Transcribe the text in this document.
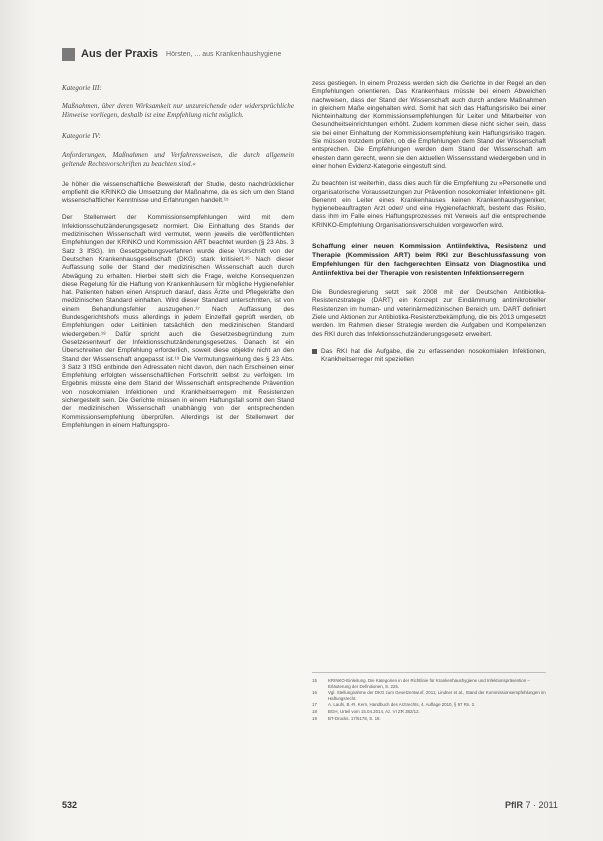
Aus der Praxis Hörsten, ... aus Krankenhaushygiene
Kategorie III:
Maßnahmen, über deren Wirksamkeit nur unzureichende oder widersprüchliche Hinweise vorliegen, deshalb ist eine Empfehlung nicht möglich.
Kategorie IV:
Anforderungen, Maßnahmen und Verfahrensweisen, die durch allgemein geltende Rechtsvorschriften zu beachten sind.«

Je höher die wissenschaftliche Beweiskraft der Studie, desto nachdrücklicher empfiehlt die KRINKO die Umsetzung der Maßnahme, da es sich um den Stand wissenschaftlicher Kenntnisse und Erfahrungen handelt.¹⁵

Der Stellenwert der Kommissionsempfehlungen wird mit dem Infektionsschutzänderungsgesetz normiert. Die Einhaltung des Stands der medizinischen Wissenschaft wird vermutet, wenn jeweils die veröffentlichten Empfehlungen der KRINKO und Kommission ART beachtet wurden (§ 23 Abs. 3 Satz 3 IfSG). Im Gesetzgebungsverfahren wurde diese Vorschrift von der Deutschen Krankenhausgesellschaft (DKG) stark kritisiert.¹⁶ Nach dieser Auffassung solle der Stand der medizinischen Wissenschaft auch durch Abwägung zu erhalten. Hierbei stellt sich die Frage, welche Konsequenzen diese Regelung für die Haftung von Krankenhäusern für mögliche Hygienefehler hat. Patienten haben einen Anspruch darauf, dass Ärzte und Pflegekräfte den medizinischen Standard einhalten. Wird dieser Standard unterschritten, ist von einem Behandlungsfehler auszugehen.¹⁷ Nach Auffassung des Bundesgerichtshofs muss allerdings in jedem Einzelfall geprüft werden, ob Empfehlungen oder Leitlinien tatsächlich den medizinischen Standard wiedergeben.¹⁸ Dafür spricht auch die Gesetzesbegründung zum Gesetzesentwurf der Infektionsschutzänderungsgesetzes. Danach ist ein Überschreiten der Empfehlung erforderlich, soweit diese objektiv nicht an den Stand der Wissenschaft angepasst ist.¹⁹ Die Vermutungswirkung des § 23 Abs. 3 Satz 3 IfSG entbinde den Adressaten nicht davon, den nach Erscheinen einer Empfehlung erfolgten wissenschaftlichen Fortschritt selbst zu verfolgen. Im Ergebnis müsste eine dem Stand der Wissenschaft entsprechende Prävention von nosokomialen Infektionen und Krankheitserregern mit Resistenzen sichergestellt sein. Die Gerichte müssen in einem Haftungsfall somit den Stand der medizinischen Wissenschaft unabhängig von der entsprechenden Kommissionsempfehlung überprüfen. Allerdings ist der Stellenwert der Empfehlungen in einem Haftungspro-

zess gestiegen. In einem Prozess werden sich die Gerichte in der Regel an den Empfehlungen orientieren. Das Krankenhaus müsste bei einem Abweichen nachweisen, dass der Stand der Wissenschaft auch durch andere Maßnahmen in gleichem Maße eingehalten wird. Somit hat sich das Haftungsrisiko bei einer Nichteinhaltung der Kommissionsempfehlungen für Leiter und Mitarbeiter von Gesundheitseinrichtungen erhöht. Zudem kommen diese nicht sicher sein, dass sie bei einer Einhaltung der Kommissionsempfehlung kein Haftungsrisiko tragen. Sie müssen trotzdem prüfen, ob die Empfehlungen dem Stand der Wissenschaft entsprechen. Die Empfehlungen werden dem Stand der Wissenschaft am ehesten dann gerecht, wenn sie den aktuellen Wissensstand wiedergeben und in einer hohen Evidenz-Kategorie eingestuft sind.

Zu beachten ist weiterhin, dass dies auch für die Empfehlung zu »Personelle und organisatorische Voraussetzungen zur Prävention nosokomialer Infektionen« gilt. Benennt ein Leiter eines Krankenhauses keinen Krankenhaushygieniker, hygienebeauftragten Arzt oder/ und eine Hygienefachkraft, besteht das Risiko, dass ihm im Falle eines Haftungsprozesses mit Verweis auf die entsprechende KRINKO-Empfehlung Organisationsverschulden vorgeworfen wird.

Schaffung einer neuen Kommission Antiinfektiva, Resistenz und Therapie (Kommission ART) beim RKI zur Beschlussfassung von Empfehlungen für den fachgerechten Einsatz von Diagnostika und Antiinfektiva bei der Therapie von resistenten Infektionserregern

Die Bundesregierung setzt seit 2008 mit der Deutschen Antibiotika-Resistenzstrategie (DART) ein Konzept zur Eindämmung antimikrobieller Resistenzen im human- und veterinärmedizinischen Bereich um. DART definiert Ziele und Aktionen zur Antibiotika-Resistenzbekämpfung, die bis 2013 umgesetzt werden. Im Rahmen dieser Strategie werden die Aufgaben und Kompetenzen des RKI durch das Infektionsschutzänderungsgesetz erweitert.

Das RKI hat die Aufgabe, die zu erfassenden nosokomialen Infektionen, Krankheitserreger mit speziellen
15	KRINKO-Einleitung. Die Kategorien in der Richtlinie für Krankenhaushygiene und Infektionsprävention – Erläuterung der Definitionen, S. 225.
16	Vgl. Stellungnahme der DKG zum Gesetzentwurf, 2011; Lindner et al., Stand der Kommissionsempfehlungen im Haftungsrecht.
17	A. Laufs, B.-R. Kern, Handbuch des Arztrechts, 4. Auflage 2010, § 97 Rn. 2.
18	BGH, Urteil vom 15.04.2014, Az. VI ZR 382/12.
19	BT-Drucks. 17/5178, S. 18.
532	PflR 7 · 2011
